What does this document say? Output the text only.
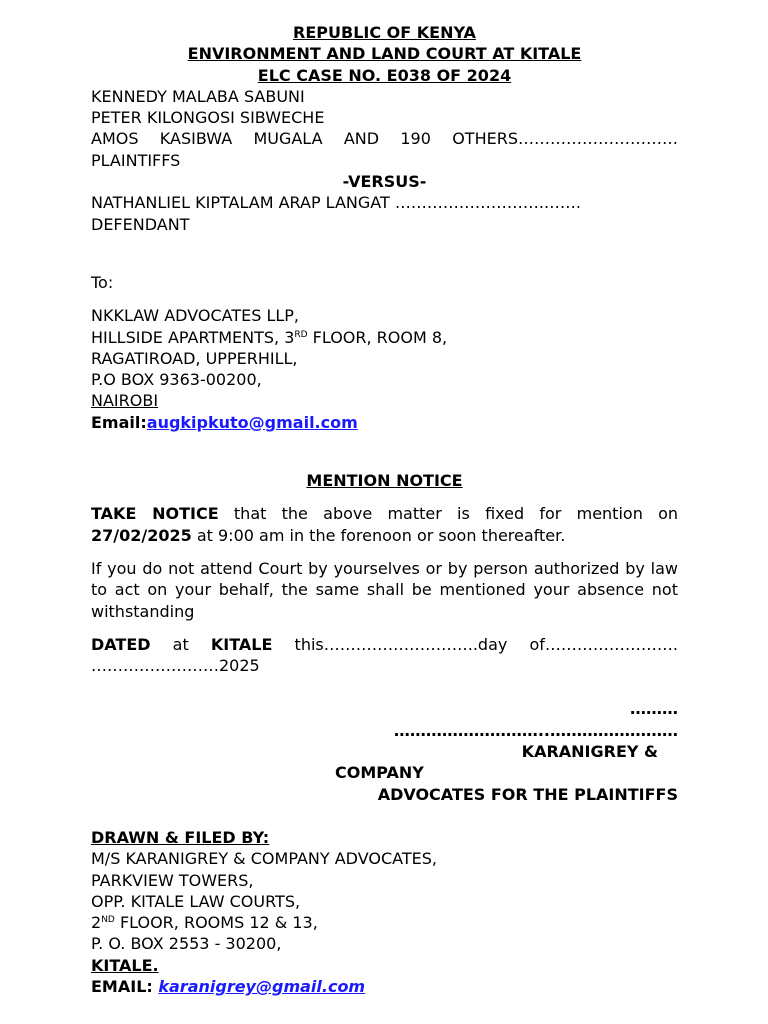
REPUBLIC OF KENYA
ENVIRONMENT AND LAND COURT AT KITALE
ELC CASE NO. E038 OF 2024
KENNEDY MALABA SABUNI
PETER KILONGOSI SIBWECHE
AMOS KASIBWA MUGALA AND 190 OTHERS…………………………
PLAINTIFFS
-VERSUS-
NATHANLIEL KIPTALAM ARAP LANGAT ……………………….…….
DEFENDANT
To:
NKKLAW ADVOCATES LLP,
HILLSIDE APARTMENTS, 3RD FLOOR, ROOM 8,
RAGATIROAD, UPPERHILL,
P.O BOX 9363-00200,
NAIROBI
Email:augkipkuto@gmail.com
MENTION NOTICE
TAKE NOTICE that the above matter is fixed for mention on
27/02/2025 at 9:00 am in the forenoon or soon thereafter.

If you do not attend Court by yourselves or by person authorized by law to act on your behalf, the same shall be mentioned your absence not withstanding

DATED at KITALE this………………………..day of…………………….
……………………2025
………
………………………..……………………
KARANIGREY &
COMPANY
ADVOCATES FOR THE PLAINTIFFS
DRAWN & FILED BY:
M/S KARANIGREY & COMPANY ADVOCATES,
PARKVIEW TOWERS,
OPP. KITALE LAW COURTS,
2ND FLOOR, ROOMS 12 & 13,
P. O. BOX 2553 - 30200,
KITALE.
EMAIL: karanigrey@gmail.com
